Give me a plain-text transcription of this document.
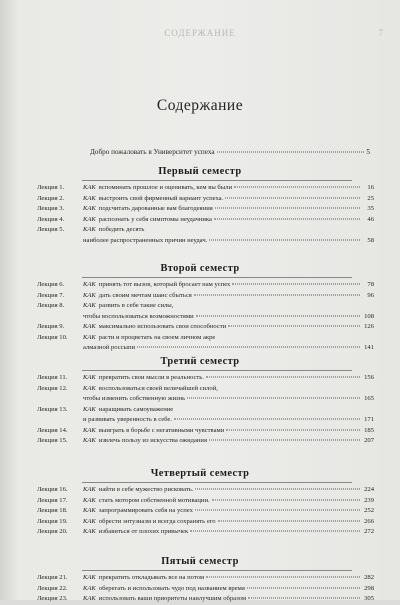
СОДЕРЖАНИЕ	7
Содержание
Добро пожаловать в Университет успеха	5
Первый семестр
Лекция 1.	КАК вспоминать прошлое и оценивать, кем вы были	16
Лекция 2.	КАК выстроить свой фирменный вариант успеха.	25
Лекция 3.	КАК подсчитать дарованные вам благодеяния	35
Лекция 4.	КАК распознать у себя симптомы неудачника	46
Лекция 5.	КАК победить десять
наиболее распространенных причин неудач.	58
Второй семестр
Лекция 6.	КАК принять тот вызов, который бросает нам успех	78
Лекция 7.	КАК дать своим мечтам шанс сбыться	96
Лекция 8.	КАК развить в себе такие силы,
чтобы воспользоваться возможностями	108
Лекция 9.	КАК максимально использовать свои способности	126
Лекция 10. КАК расти и процветать на своем личном акре
алмазной россыпи	141
Третий семестр
Лекция 11. КАК превратить свои мысли в реальность.	156
Лекция 12. КАК воспользоваться своей величайшей силой,
чтобы изменить собственную жизнь	165
Лекция 13. КАК наращивать самоуважение
и развивать уверенность в себе.	171
Лекция 14. КАК выиграть в борьбе с негативными чувствами	185
Лекция 15. КАК извлечь пользу из искусства ожидания	207
Четвертый семестр
Лекция 16. КАК найти в себе мужество рисковать.	224
Лекция 17. КАК стать мотором собственной мотивации.	239
Лекция 18. КАК запрограммировать себя на успех	252
Лекция 19. КАК обрести энтузиазм и всегда сохранять его	266
Лекция 20. КАК избавиться от плохих привычек	272
Пятый семестр
Лекция 21. КАК прекратить откладывать все на потом	282
Лекция 22. КАК оберегать и использовать чудо под названием время	298
Лекция 23. КАК использовать ваши приоритеты наилучшим образом	305
